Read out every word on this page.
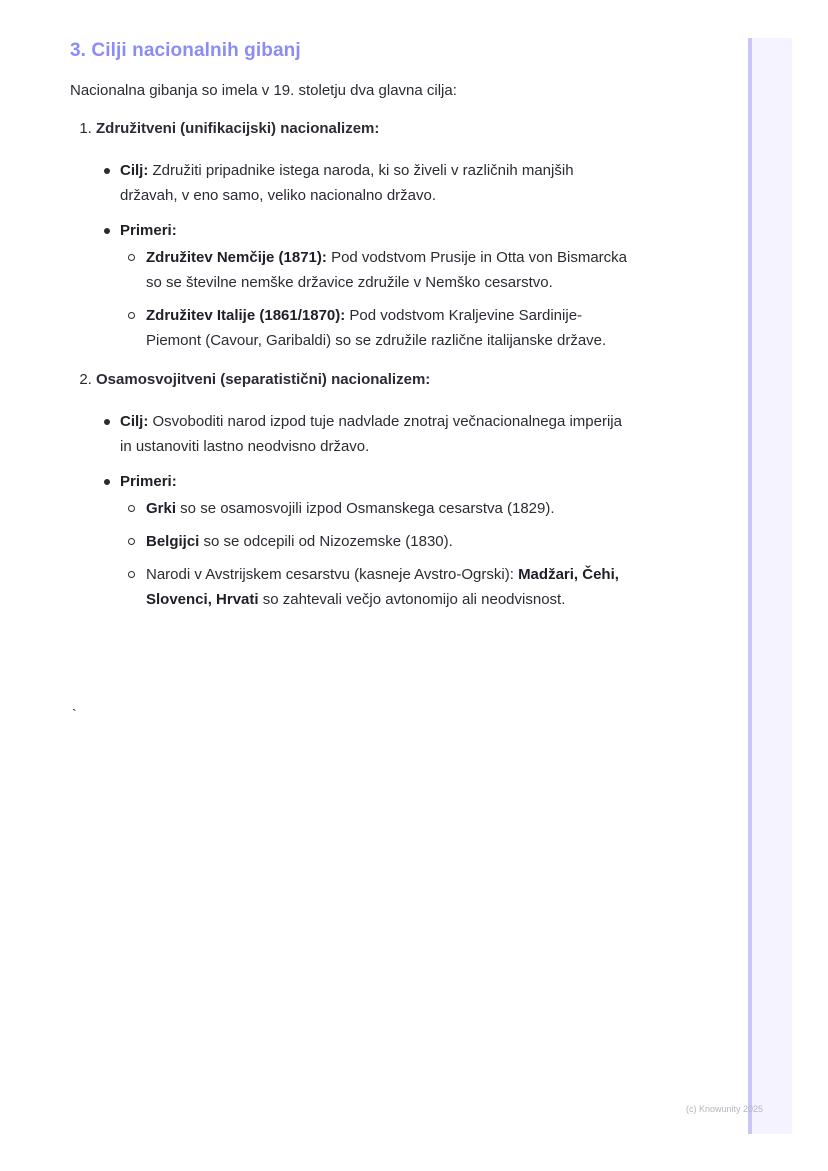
3. Cilji nacionalnih gibanj

Nacionalna gibanja so imela v 19. stoletju dva glavna cilja:

1. Združitveni (unifikacijski) nacionalizem:
Cilj: Združiti pripadnike istega naroda, ki so živeli v različnih manjših državah, v eno samo, veliko nacionalno državo.
Primeri:
Združitev Nemčije (1871): Pod vodstvom Prusije in Otta von Bismarcka so se številne nemške državice združile v Nemško cesarstvo.
Združitev Italije (1861/1870): Pod vodstvom Kraljevine Sardinije-Piemont (Cavour, Garibaldi) so se združile različne italijanske države.
2. Osamosvojitveni (separatistični) nacionalizem:
Cilj: Osvoboditi narod izpod tuje nadvlade znotraj večnacionalnega imperija in ustanoviti lastno neodvisno državo.
Primeri:
Grki so se osamosvojili izpod Osmanskega cesarstva (1829).
Belgijci so se odcepili od Nizozemske (1830).
Narodi v Avstrijskem cesarstvu (kasneje Avstro-Ogrski): Madžari, Čehi, Slovenci, Hrvati so zahtevali večjo avtonomijo ali neodvisnost.
`
(c) Knowunity 2025
